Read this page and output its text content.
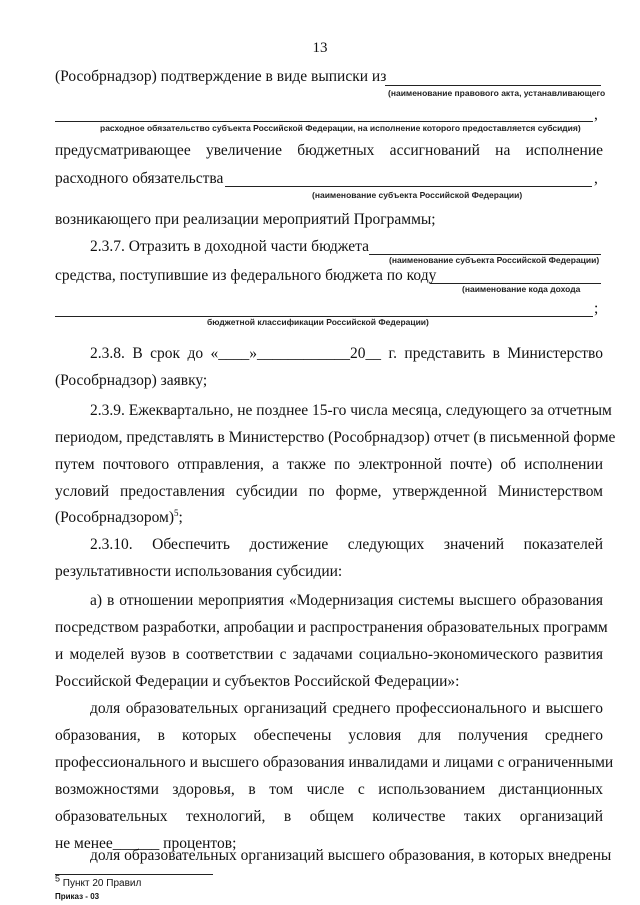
13
(Рособрнадзор) подтверждение в виде выписки из
(наименование правового акта, устанавливающего
,
расходное обязательство субъекта Российской Федерации, на исполнение которого предоставляется субсидия)
предусматривающее увеличение бюджетных ассигнований на исполнение
расходного обязательства	,
(наименование субъекта Российской Федерации)
возникающего при реализации мероприятий Программы;
2.3.7. Отразить в доходной части бюджета
(наименование субъекта Российской Федерации)
средства, поступившие из федерального бюджета по коду
(наименование кода дохода
;
бюджетной классификации Российской Федерации)
2.3.8. В срок до «____»____________20__ г. представить в Министерство
(Рособрнадзор) заявку;
2.3.9. Ежеквартально, не позднее 15-го числа месяца, следующего за отчетным
периодом, представлять в Министерство (Рособрнадзор) отчет (в письменной форме
путем почтового отправления, а также по электронной почте) об исполнении
условий предоставления субсидии по форме, утвержденной Министерством
(Рособрнадзором)$^5$;
2.3.10. Обеспечить достижение следующих значений показателей
результативности использования субсидии:
а) в отношении мероприятия «Модернизация системы высшего образования
посредством разработки, апробации и распространения образовательных программ
и моделей вузов в соответствии с задачами социально-экономического развития
Российской Федерации и субъектов Российской Федерации»:
доля образовательных организаций среднего профессионального и высшего
образования, в которых обеспечены условия для получения среднего
профессионального и высшего образования инвалидами и лицами с ограниченными
возможностями здоровья, в том числе с использованием дистанционных
образовательных технологий, в общем количестве таких организаций
не менее______ процентов;
доля образовательных организаций высшего образования, в которых внедрены
$^5$ Пункт 20 Правил
Приказ - 03
